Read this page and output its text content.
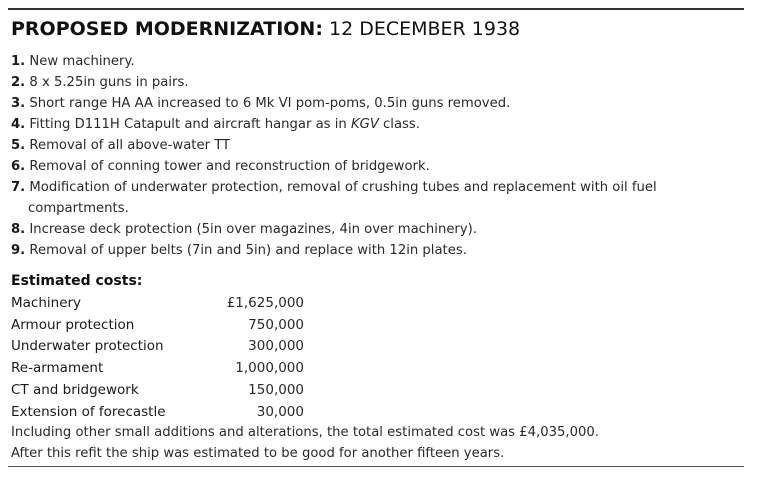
PROPOSED MODERNIZATION: 12 DECEMBER 1938
1. New machinery.
2. 8 x 5.25in guns in pairs.
3. Short range HA AA increased to 6 Mk VI pom-poms, 0.5in guns removed.
4. Fitting D111H Catapult and aircraft hangar as in KGV class.
5. Removal of all above-water TT
6. Removal of conning tower and reconstruction of bridgework.
7. Modification of underwater protection, removal of crushing tubes and replacement with oil fuel
compartments.
8. Increase deck protection (5in over magazines, 4in over machinery).
9. Removal of upper belts (7in and 5in) and replace with 12in plates.
Estimated costs:
Machinery	£1,625,000
Armour protection	750,000
Underwater protection	300,000
Re-armament	1,000,000
CT and bridgework	150,000
Extension of forecastle	30,000
Including other small additions and alterations, the total estimated cost was £4,035,000.
After this refit the ship was estimated to be good for another fifteen years.
